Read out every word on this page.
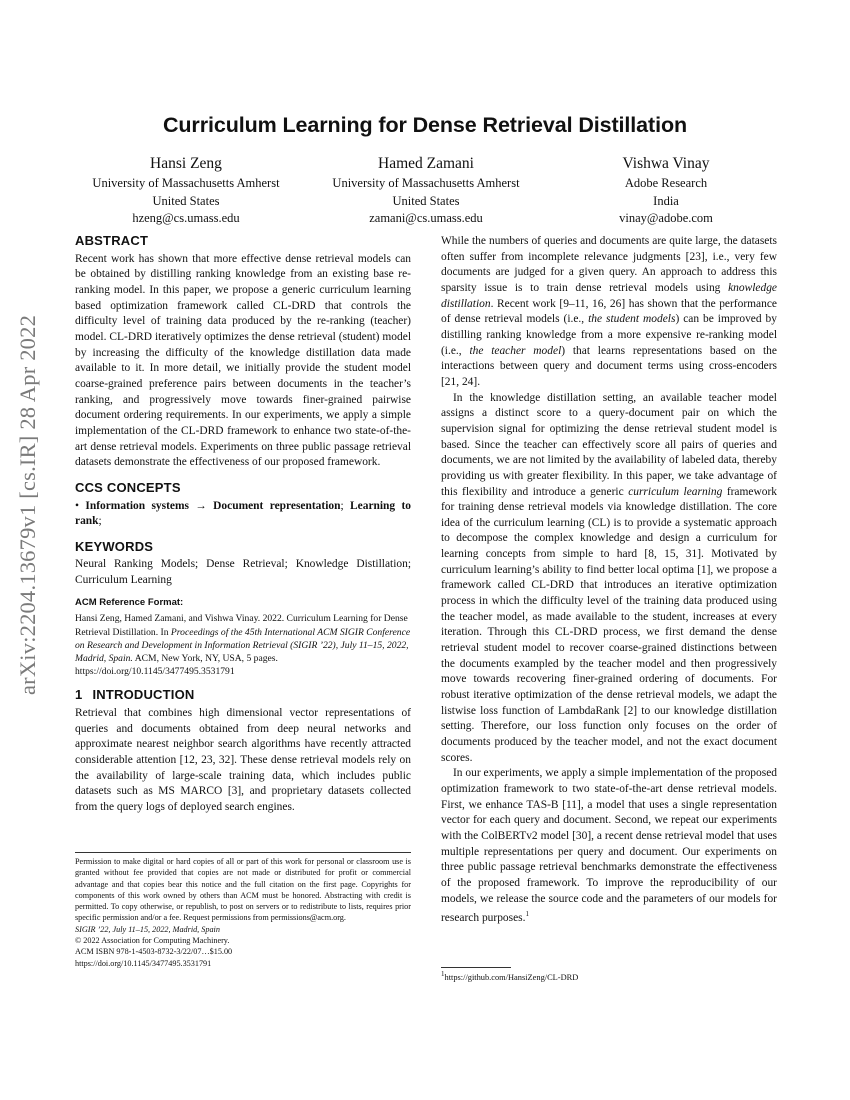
arXiv:2204.13679v1 [cs.IR] 28 Apr 2022
Curriculum Learning for Dense Retrieval Distillation
Hansi Zeng
University of Massachusetts Amherst
United States
hzeng@cs.umass.edu
Hamed Zamani
University of Massachusetts Amherst
United States
zamani@cs.umass.edu
Vishwa Vinay
Adobe Research
India
vinay@adobe.com
ABSTRACT

Recent work has shown that more effective dense retrieval models can be obtained by distilling ranking knowledge from an existing base re-ranking model. In this paper, we propose a generic curriculum learning based optimization framework called CL-DRD that controls the difficulty level of training data produced by the re-ranking (teacher) model. CL-DRD iteratively optimizes the dense retrieval (student) model by increasing the difficulty of the knowledge distillation data made available to it. In more detail, we initially provide the student model coarse-grained preference pairs between documents in the teacher’s ranking, and progressively move towards finer-grained pairwise document ordering requirements. In our experiments, we apply a simple implementation of the CL-DRD framework to enhance two state-of-the-art dense retrieval models. Experiments on three public passage retrieval datasets demonstrate the effectiveness of our proposed framework.

CCS CONCEPTS

• Information systems → Document representation; Learning to rank;

KEYWORDS

Neural Ranking Models; Dense Retrieval; Knowledge Distillation; Curriculum Learning

ACM Reference Format:

Hansi Zeng, Hamed Zamani, and Vishwa Vinay. 2022. Curriculum Learning for Dense Retrieval Distillation. In Proceedings of the 45th International ACM SIGIR Conference on Research and Development in Information Retrieval (SIGIR ’22), July 11–15, 2022, Madrid, Spain. ACM, New York, NY, USA, 5 pages. https://doi.org/10.1145/3477495.3531791

1 INTRODUCTION

Retrieval that combines high dimensional vector representations of queries and documents obtained from deep neural networks and approximate nearest neighbor search algorithms have recently attracted considerable attention [12, 23, 32]. These dense retrieval models rely on the availability of large-scale training data, which includes public datasets such as MS MARCO [3], and proprietary datasets collected from the query logs of deployed search engines.

Permission to make digital or hard copies of all or part of this work for personal or classroom use is granted without fee provided that copies are not made or distributed for profit or commercial advantage and that copies bear this notice and the full citation on the first page. Copyrights for components of this work owned by others than ACM must be honored. Abstracting with credit is permitted. To copy otherwise, or republish, to post on servers or to redistribute to lists, requires prior specific permission and/or a fee. Request permissions from permissions@acm.org.

SIGIR ’22, July 11–15, 2022, Madrid, Spain
© 2022 Association for Computing Machinery.
ACM ISBN 978-1-4503-8732-3/22/07…$15.00
https://doi.org/10.1145/3477495.3531791

While the numbers of queries and documents are quite large, the datasets often suffer from incomplete relevance judgments [23], i.e., very few documents are judged for a given query. An approach to address this sparsity issue is to train dense retrieval models using knowledge distillation. Recent work [9–11, 16, 26] has shown that the performance of dense retrieval models (i.e., the student models) can be improved by distilling ranking knowledge from a more expensive re-ranking model (i.e., the teacher model) that learns representations based on the interactions between query and document terms using cross-encoders [21, 24].

In the knowledge distillation setting, an available teacher model assigns a distinct score to a query-document pair on which the supervision signal for optimizing the dense retrieval student model is based. Since the teacher can effectively score all pairs of queries and documents, we are not limited by the availability of labeled data, thereby providing us with greater flexibility. In this paper, we take advantage of this flexibility and introduce a generic curriculum learning framework for training dense retrieval models via knowledge distillation. The core idea of the curriculum learning (CL) is to provide a systematic approach to decompose the complex knowledge and design a curriculum for learning concepts from simple to hard [8, 15, 31]. Motivated by curriculum learning’s ability to find better local optima [1], we propose a framework called CL-DRD that introduces an iterative optimization process in which the difficulty level of the training data produced using the teacher model, as made available to the student, increases at every iteration. Through this CL-DRD process, we first demand the dense retrieval student model to recover coarse-grained distinctions between the documents exampled by the teacher model and then progressively move towards recovering finer-grained ordering of documents. For robust iterative optimization of the dense retrieval models, we adapt the listwise loss function of LambdaRank [2] to our knowledge distillation setting. Therefore, our loss function only focuses on the order of documents produced by the teacher model, and not the exact document scores.

In our experiments, we apply a simple implementation of the proposed optimization framework to two state-of-the-art dense retrieval models. First, we enhance TAS-B [11], a model that uses a single representation vector for each query and document. Second, we repeat our experiments with the ColBERTv2 model [30], a recent dense retrieval model that uses multiple representations per query and document. Our experiments on three public passage retrieval benchmarks demonstrate the effectiveness of the proposed framework. To improve the reproducibility of our models, we release the source code and the parameters of our models for research purposes.$^1$

$^1$https://github.com/HansiZeng/CL-DRD
